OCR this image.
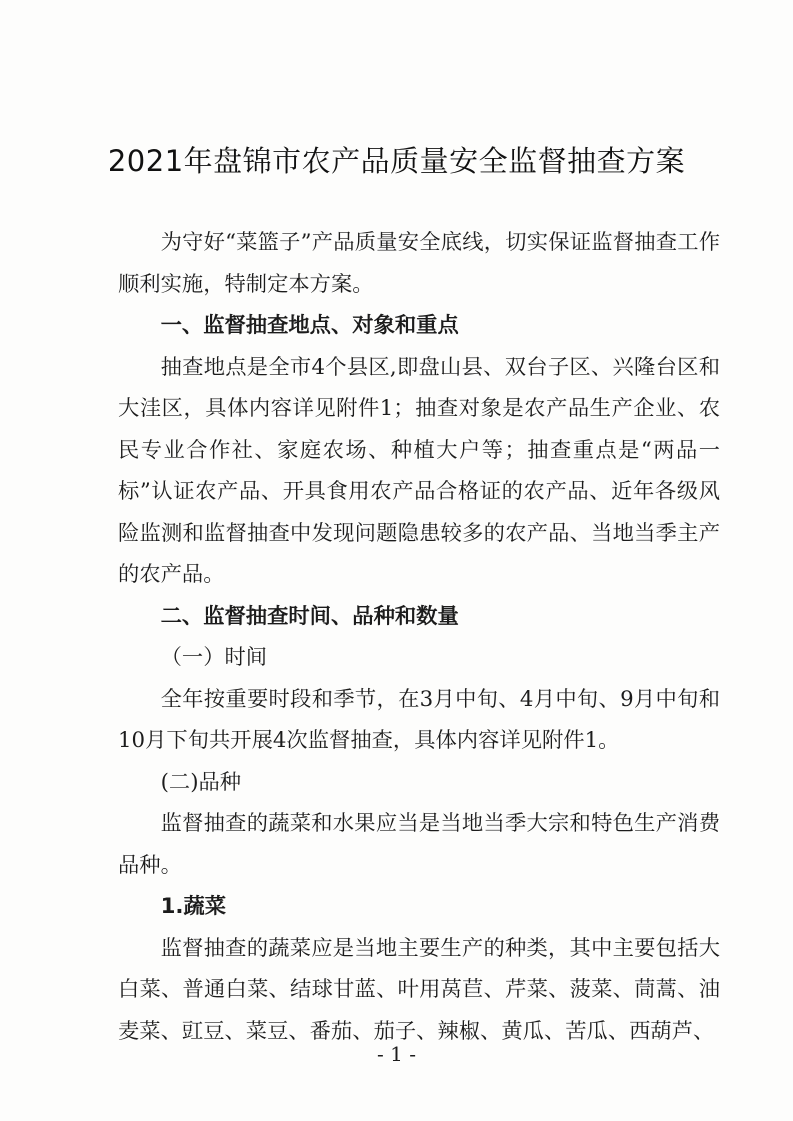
2021年盘锦市农产品质量安全监督抽查方案

为守好“菜篮子”产品质量安全底线，切实保证监督抽查工作顺利实施，特制定本方案。

一、监督抽查地点、对象和重点

抽查地点是全市4个县区,即盘山县、双台子区、兴隆台区和大洼区，具体内容详见附件1；抽查对象是农产品生产企业、农民专业合作社、家庭农场、种植大户等；抽查重点是“两品一标”认证农产品、开具食用农产品合格证的农产品、近年各级风险监测和监督抽查中发现问题隐患较多的农产品、当地当季主产的农产品。

二、监督抽查时间、品种和数量

（一）时间

全年按重要时段和季节，在3月中旬、4月中旬、9月中旬和10月下旬共开展4次监督抽查，具体内容详见附件1。

(二)品种

监督抽查的蔬菜和水果应当是当地当季大宗和特色生产消费品种。

1.蔬菜

监督抽查的蔬菜应是当地主要生产的种类，其中主要包括大白菜、普通白菜、结球甘蓝、叶用莴苣、芹菜、菠菜、茼蒿、油麦菜、豇豆、菜豆、番茄、茄子、辣椒、黄瓜、苦瓜、西葫芦、

- 1 -
